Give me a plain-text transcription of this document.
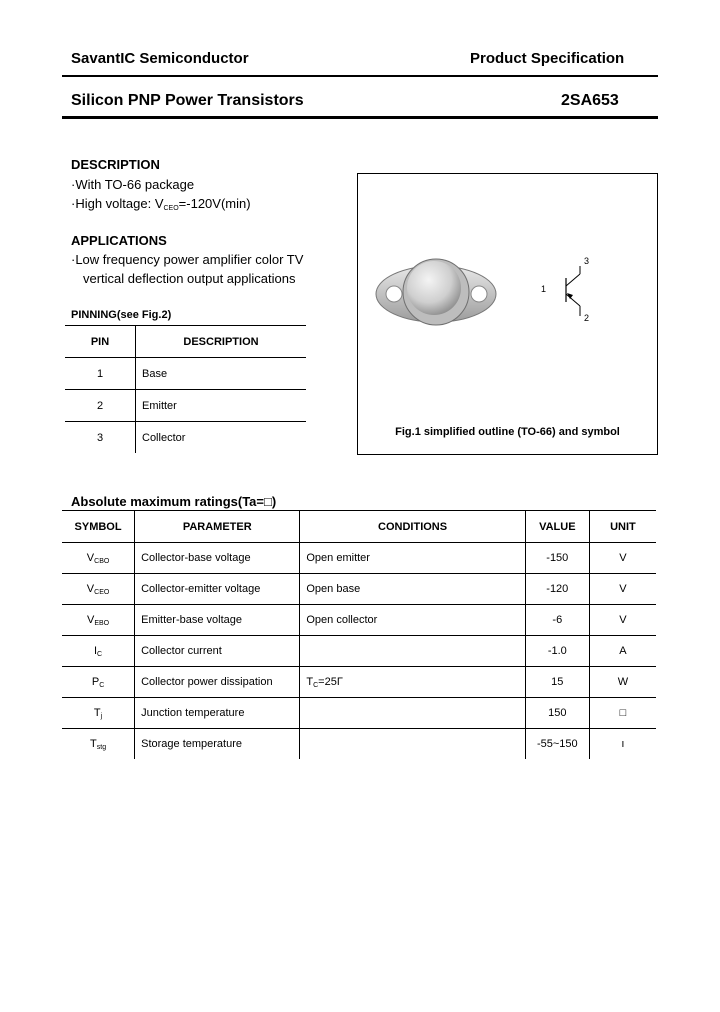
SavantIC Semiconductor	Product Specification
Silicon PNP Power Transistors	2SA653
DESCRIPTION
·With TO-66 package
·High voltage: $V_{CEO}=-120V(\min)$
APPLICATIONS
·Low frequency power amplifier color TV
vertical deflection output applications
PINNING(see Fig.2)
PIN	DESCRIPTION
1	Base
2	Emitter
3	Collector
1
2
3
Fig.1 simplified outline (TO-66) and symbol
Absolute maximum ratings(Ta=□)
SYMBOL	PARAMETER	CONDITIONS	VALUE	UNIT
$V_{CBO}$	Collector-base voltage	Open emitter	-150	V
$V_{CEO}$	Collector-emitter voltage	Open base	-120	V
$V_{EBO}$	Emitter-base voltage	Open collector	-6	V
$I_C$	Collector current		-1.0	A
$P_C$	Collector power dissipation	$T_C=25\Gamma$	15	W
$T_j$	Junction temperature		150	□
$T_{stg}$	Storage temperature		-55~150	ı
